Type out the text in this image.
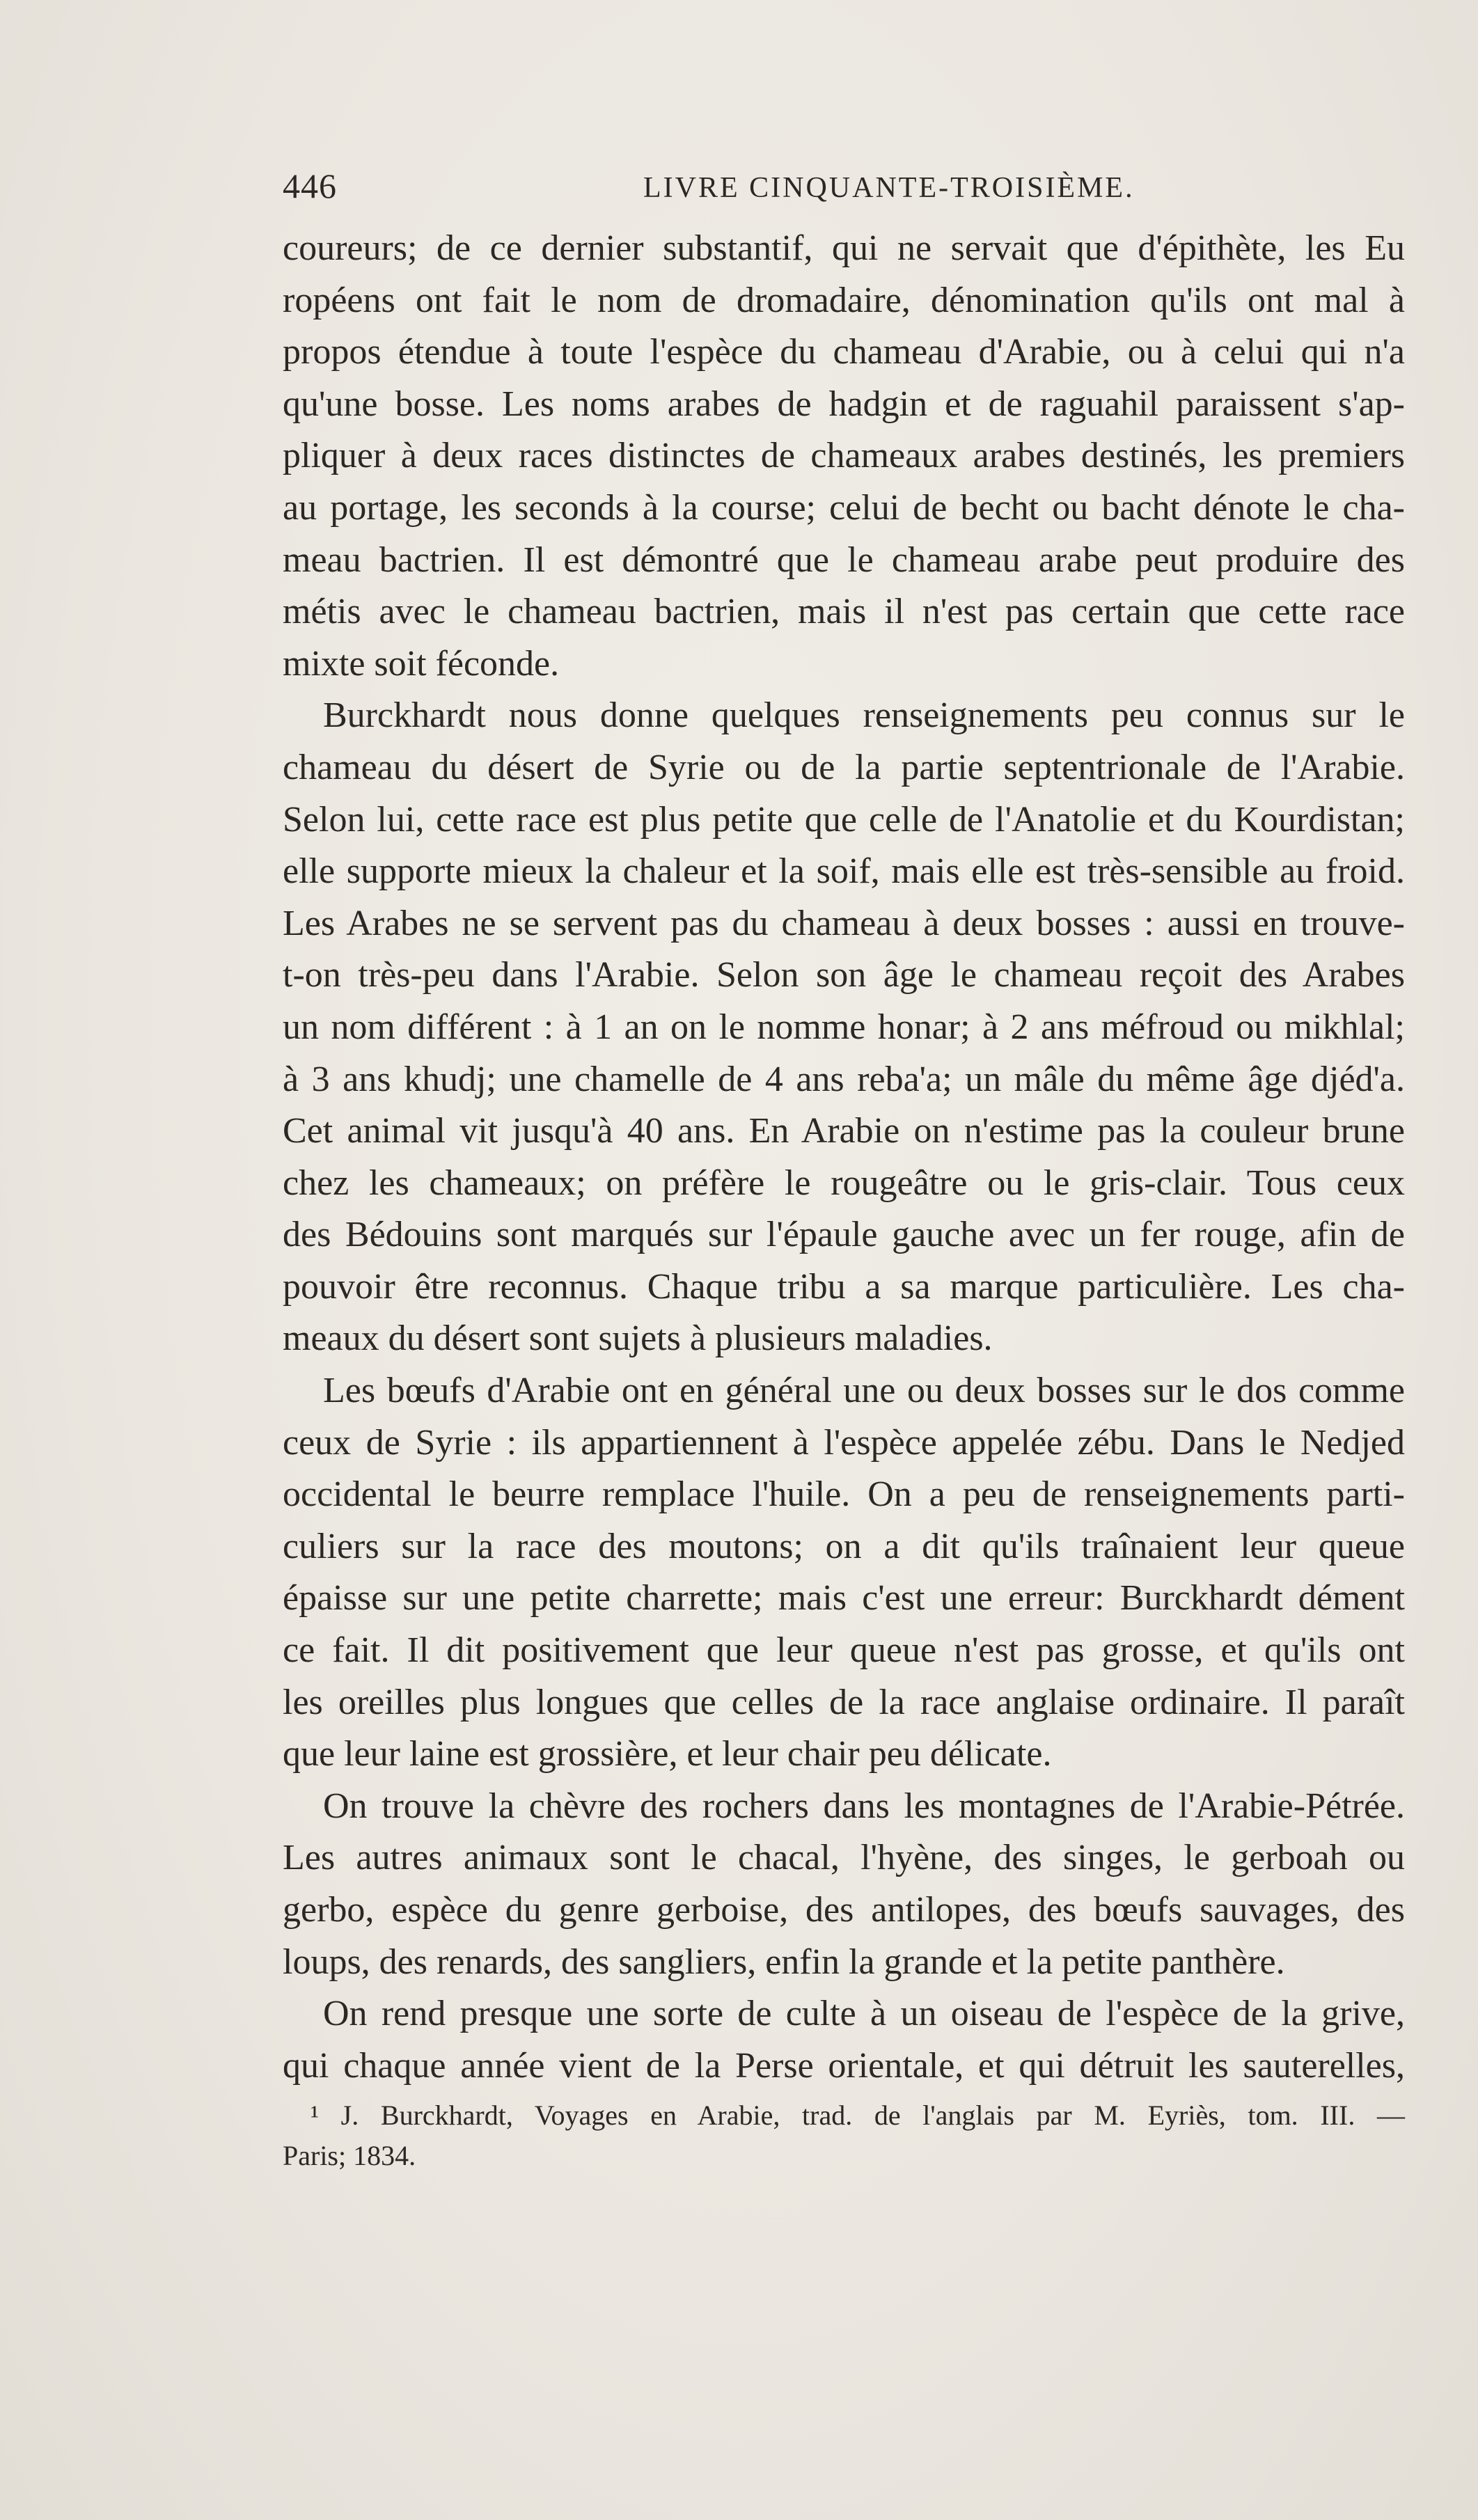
446	LIVRE CINQUANTE-TROISIÈME.
coureurs; de ce dernier substantif, qui ne servait que d'épithète, les Eu
ropéens ont fait le nom de dromadaire, dénomination qu'ils ont mal à
propos étendue à toute l'espèce du chameau d'Arabie, ou à celui qui n'a
qu'une bosse. Les noms arabes de hadgin et de raguahil paraissent s'ap-
pliquer à deux races distinctes de chameaux arabes destinés, les premiers
au portage, les seconds à la course; celui de becht ou bacht dénote le cha-
meau bactrien. Il est démontré que le chameau arabe peut produire des
métis avec le chameau bactrien, mais il n'est pas certain que cette race
mixte soit féconde.
Burckhardt nous donne quelques renseignements peu connus sur le
chameau du désert de Syrie ou de la partie septentrionale de l'Arabie.
Selon lui, cette race est plus petite que celle de l'Anatolie et du Kourdistan;
elle supporte mieux la chaleur et la soif, mais elle est très-sensible au froid.
Les Arabes ne se servent pas du chameau à deux bosses : aussi en trouve-
t-on très-peu dans l'Arabie. Selon son âge le chameau reçoit des Arabes
un nom différent : à 1 an on le nomme honar; à 2 ans méfroud ou mikhlal;
à 3 ans khudj; une chamelle de 4 ans reba'a; un mâle du même âge djéd'a.
Cet animal vit jusqu'à 40 ans. En Arabie on n'estime pas la couleur brune
chez les chameaux; on préfère le rougeâtre ou le gris-clair. Tous ceux
des Bédouins sont marqués sur l'épaule gauche avec un fer rouge, afin de
pouvoir être reconnus. Chaque tribu a sa marque particulière. Les cha-
meaux du désert sont sujets à plusieurs maladies.
Les bœufs d'Arabie ont en général une ou deux bosses sur le dos comme
ceux de Syrie : ils appartiennent à l'espèce appelée zébu. Dans le Nedjed
occidental le beurre remplace l'huile. On a peu de renseignements parti-
culiers sur la race des moutons; on a dit qu'ils traînaient leur queue
épaisse sur une petite charrette; mais c'est une erreur: Burckhardt dément
ce fait. Il dit positivement que leur queue n'est pas grosse, et qu'ils ont
les oreilles plus longues que celles de la race anglaise ordinaire. Il paraît
que leur laine est grossière, et leur chair peu délicate.
On trouve la chèvre des rochers dans les montagnes de l'Arabie-Pétrée.
Les autres animaux sont le chacal, l'hyène, des singes, le gerboah ou
gerbo, espèce du genre gerboise, des antilopes, des bœufs sauvages, des
loups, des renards, des sangliers, enfin la grande et la petite panthère.
On rend presque une sorte de culte à un oiseau de l'espèce de la grive,
qui chaque année vient de la Perse orientale, et qui détruit les sauterelles,
¹ J. Burckhardt, Voyages en Arabie, trad. de l'anglais par M. Eyriès, tom. III. —
Paris; 1834.
